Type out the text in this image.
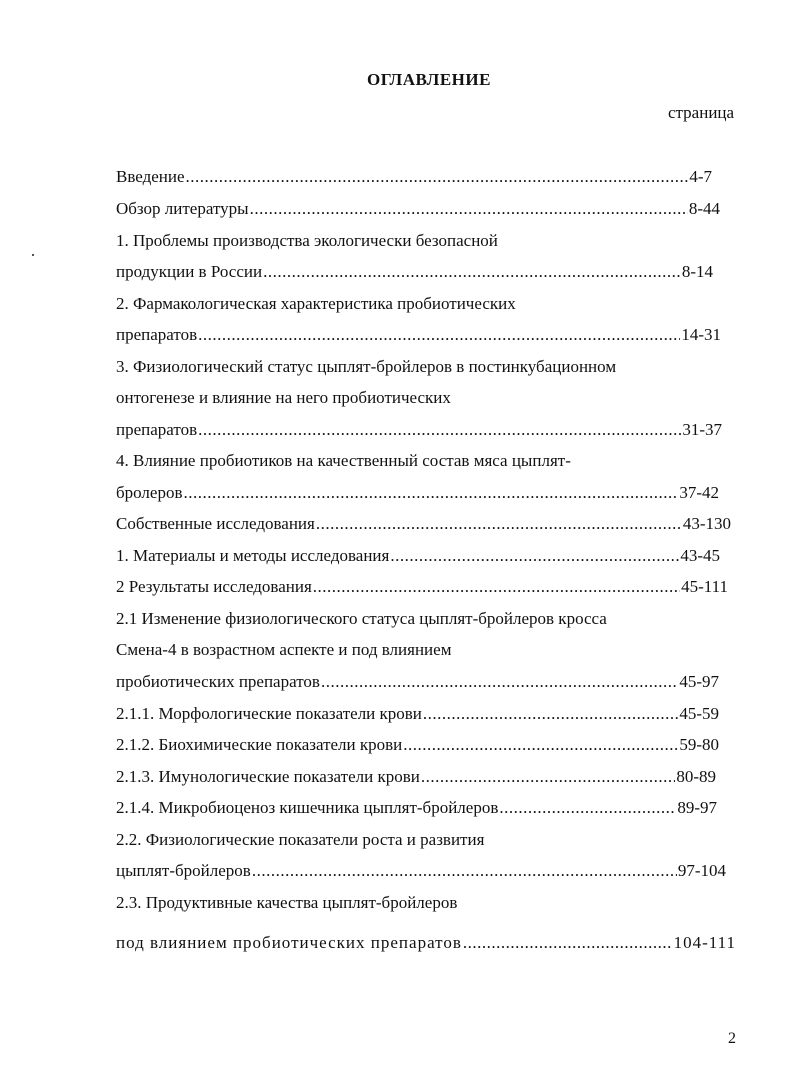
ОГЛАВЛЕНИЕ
страница
Введение .....	4-7
Обзор литературы .....	8-44
1. Проблемы производства экологически безопасной
продукции в России .....	8-14
2. Фармакологическая характеристика пробиотических
препаратов .....	14-31
3. Физиологический статус цыплят-бройлеров в постинкубационном
онтогенезе и влияние на него пробиотических
препаратов .....	31-37
4. Влияние пробиотиков на качественный состав мяса цыплят-
бролеров .....	37-42
Собственные исследования .....	43-130
1. Материалы и методы исследования .....	43-45
2 Результаты исследования .....	45-111
2.1 Изменение физиологического статуса цыплят-бройлеров кросса
Смена-4 в возрастном аспекте и под влиянием
пробиотических препаратов .....	45-97
2.1.1. Морфологические показатели крови .....	45-59
2.1.2. Биохимические показатели крови .....	59-80
2.1.3. Имунологические показатели крови .....	80-89
2.1.4. Микробиоценоз кишечника цыплят-бройлеров .....	89-97
2.2. Физиологические показатели роста и развития
цыплят-бройлеров .....	97-104
2.3. Продуктивные качества цыплят-бройлеров
под влиянием пробиотических препаратов .....	104-111
2
